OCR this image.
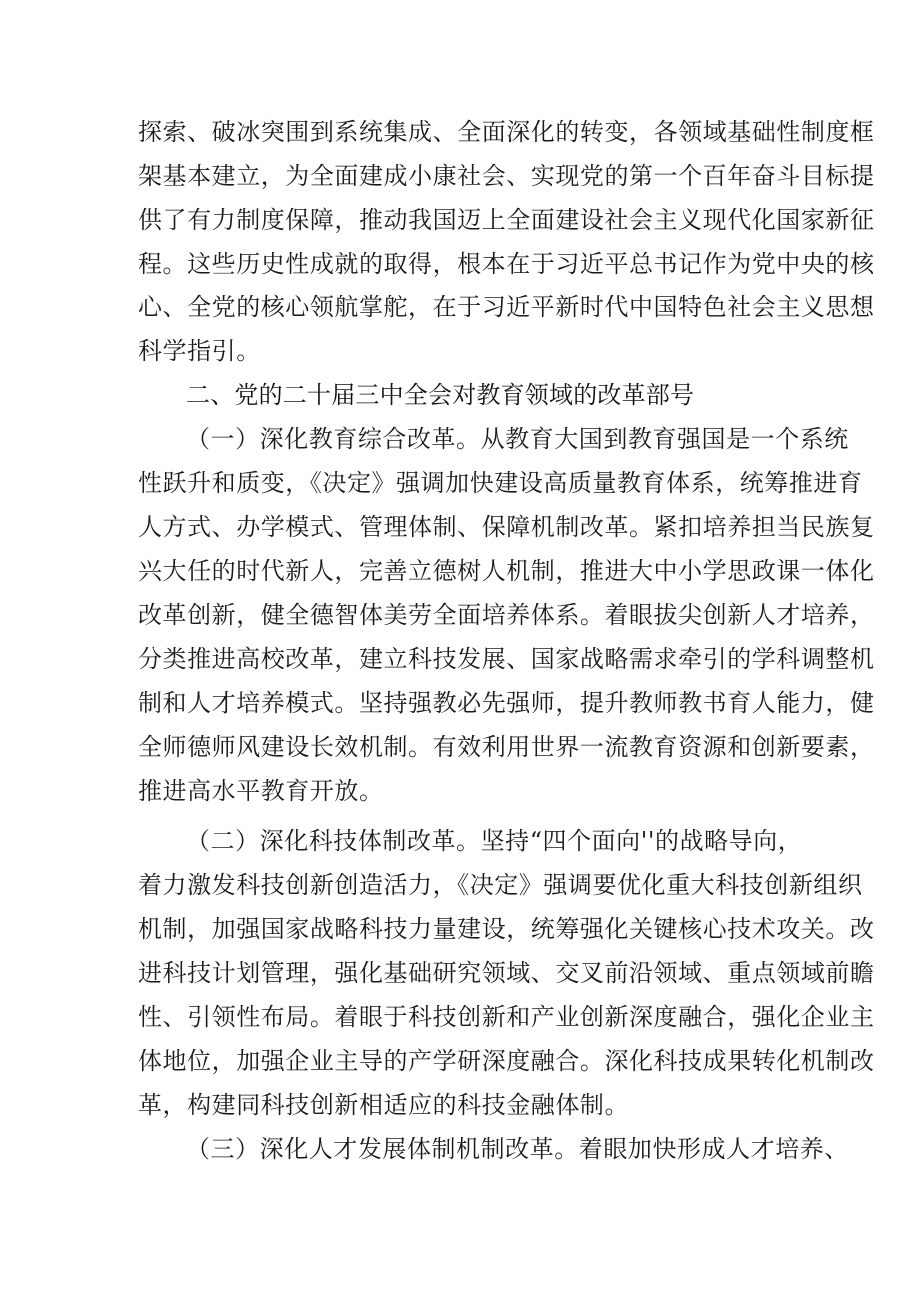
探索、破冰突围到系统集成、全面深化的转变，各领域基础性制度框
架基本建立，为全面建成小康社会、实现党的第一个百年奋斗目标提
供了有力制度保障，推动我国迈上全面建设社会主义现代化国家新征
程。这些历史性成就的取得，根本在于习近平总书记作为党中央的核
心、全党的核心领航掌舵，在于习近平新时代中国特色社会主义思想
科学指引。
二、党的二十届三中全会对教育领域的改革部号
（一）深化教育综合改革。从教育大国到教育强国是一个系统
性跃升和质变，《决定》强调加快建设高质量教育体系，统筹推进育
人方式、办学模式、管理体制、保障机制改革。紧扣培养担当民族复
兴大任的时代新人，完善立德树人机制，推进大中小学思政课一体化
改革创新，健全德智体美劳全面培养体系。着眼拔尖创新人才培养，
分类推进高校改革，建立科技发展、国家战略需求牵引的学科调整机
制和人才培养模式。坚持强教必先强师，提升教师教书育人能力，健
全师德师风建设长效机制。有效利用世界一流教育资源和创新要素，
推进高水平教育开放。
（二）深化科技体制改革。坚持“四个面向''的战略导向，
着力激发科技创新创造活力，《决定》强调要优化重大科技创新组织
机制，加强国家战略科技力量建设，统筹强化关键核心技术攻关。改
进科技计划管理，强化基础研究领域、交叉前沿领域、重点领域前瞻
性、引领性布局。着眼于科技创新和产业创新深度融合，强化企业主
体地位，加强企业主导的产学研深度融合。深化科技成果转化机制改
革，构建同科技创新相适应的科技金融体制。
（三）深化人才发展体制机制改革。着眼加快形成人才培养、
